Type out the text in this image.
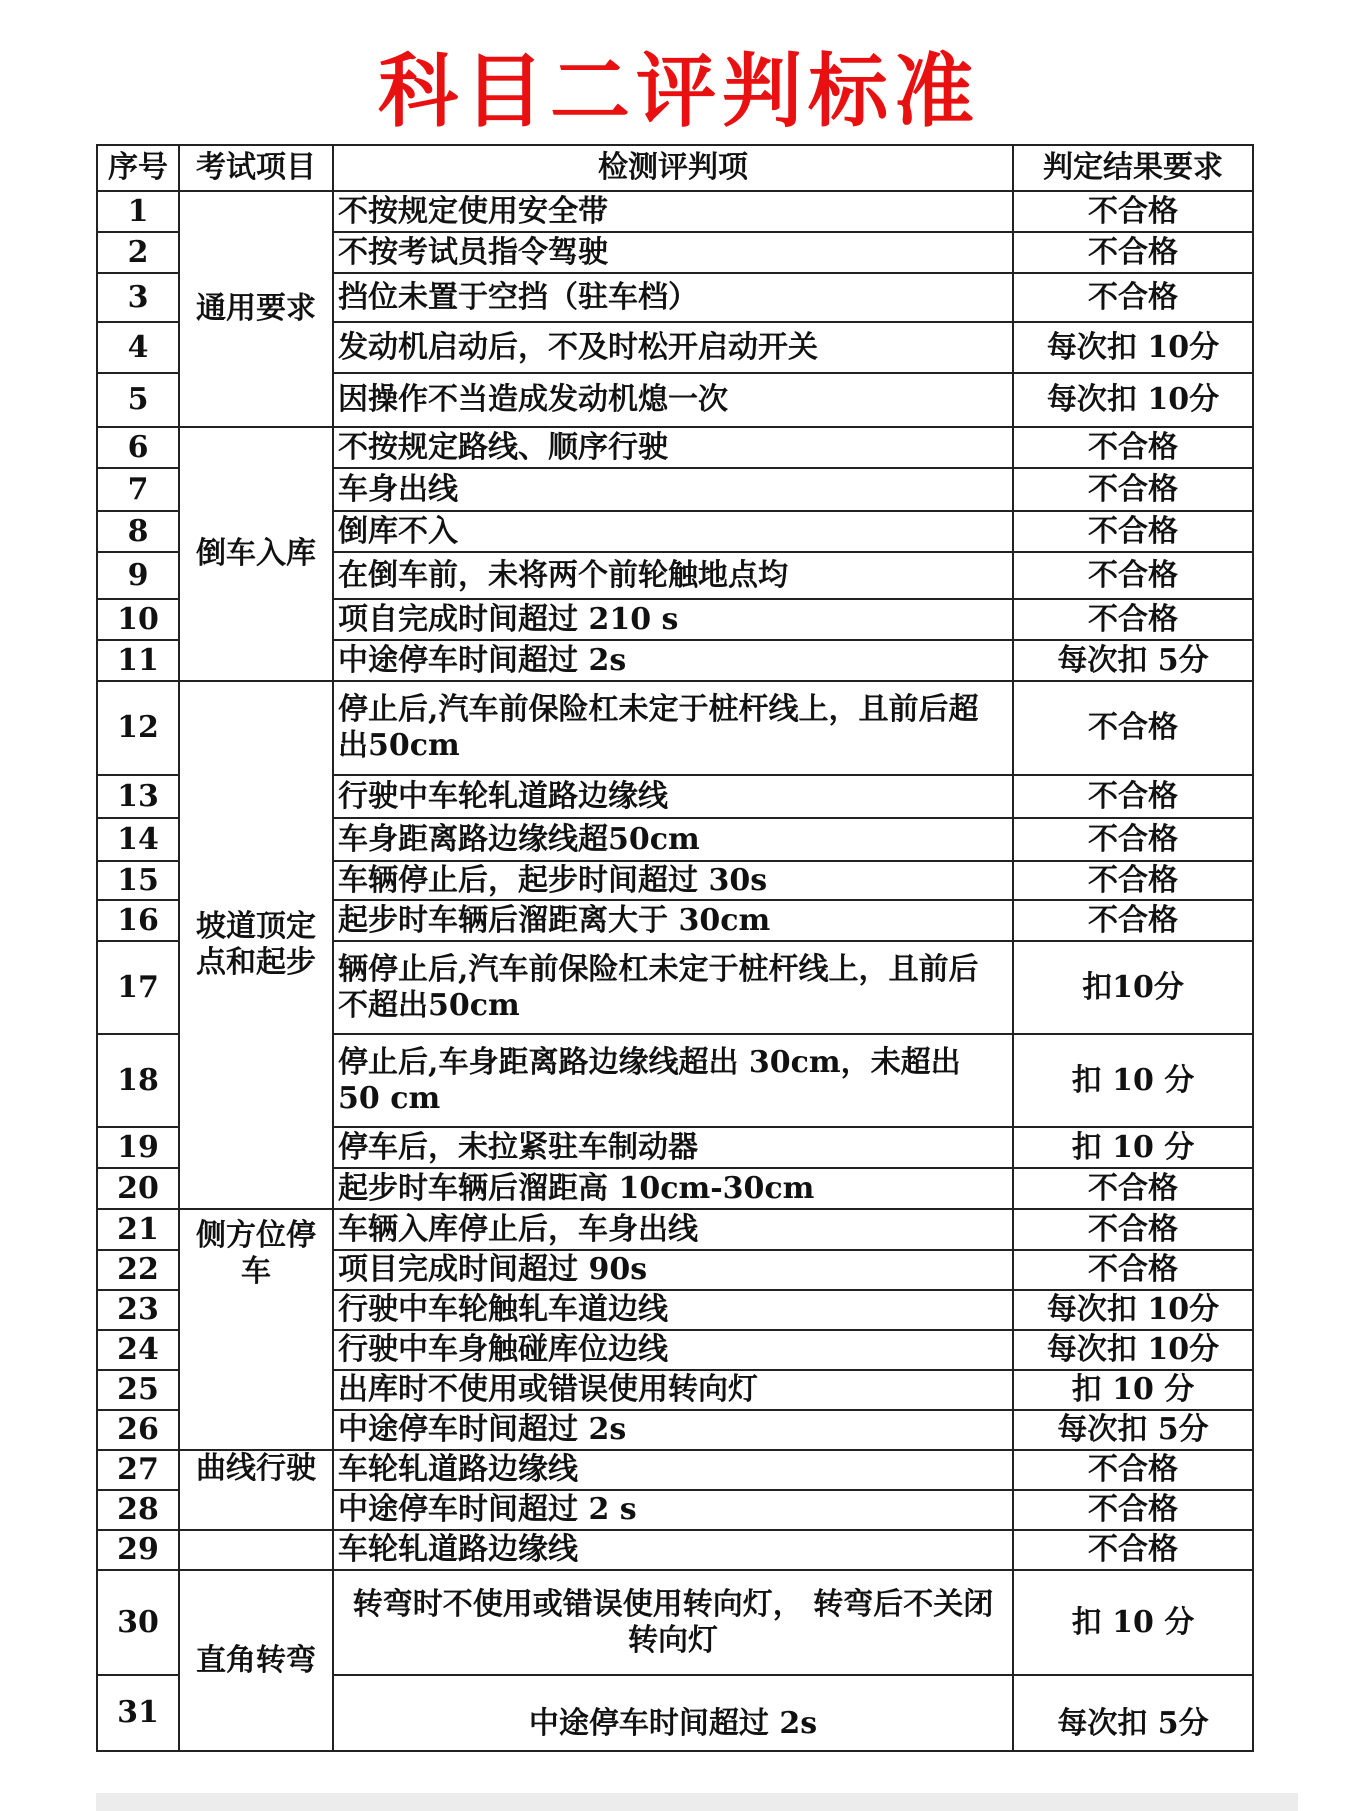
科目二评判标准
序号	考试项目	检测评判项	判定结果要求
1	通用要求	不按规定使用安全带	不合格
2		不按考试员指令驾驶	不合格
3		挡位未置于空挡（驻车档）	不合格
4		发动机启动后，不及时松开启动开关	每次扣 10分
5		因操作不当造成发动机熄一次	每次扣 10分
6	倒车入库	不按规定路线、顺序行驶	不合格
7		车身出线	不合格
8		倒库不入	不合格
9		在倒车前，未将两个前轮触地点均	不合格
10		项自完成时间超过 210 s	不合格
11		中途停车时间超过 2s	每次扣 5分
12	坡道顶定点和起步	停止后,汽车前保险杠未定于桩杆线上，且前后超出50cm	不合格
13		行驶中车轮轧道路边缘线	不合格
14		车身距离路边缘线超50cm	不合格
15		车辆停止后，起步时间超过 30s	不合格
16		起步时车辆后溜距离大于 30cm	不合格
17		辆停止后,汽车前保险杠未定于桩杆线上，且前后不超出50cm	扣10分
18		停止后,车身距离路边缘线超出 30cm，未超出 50 cm	扣 10 分
19		停车后，未拉紧驻车制动器	扣 10 分
20		起步时车辆后溜距高 10cm-30cm	不合格
21	侧方位停车	车辆入库停止后，车身出线	不合格
22		项目完成时间超过 90s	不合格
23		行驶中车轮触轧车道边线	每次扣 10分
24		行驶中车身触碰库位边线	每次扣 10分
25		出库时不使用或错误使用转向灯	扣 10 分
26		中途停车时间超过 2s	每次扣 5分
27	曲线行驶	车轮轧道路边缘线	不合格
28		中途停车时间超过 2 s	不合格
29		车轮轧道路边缘线	不合格
30	直角转弯	转弯时不使用或错误使用转向灯， 转弯后不关闭转向灯	扣 10 分
31		中途停车时间超过 2s	每次扣 5分
